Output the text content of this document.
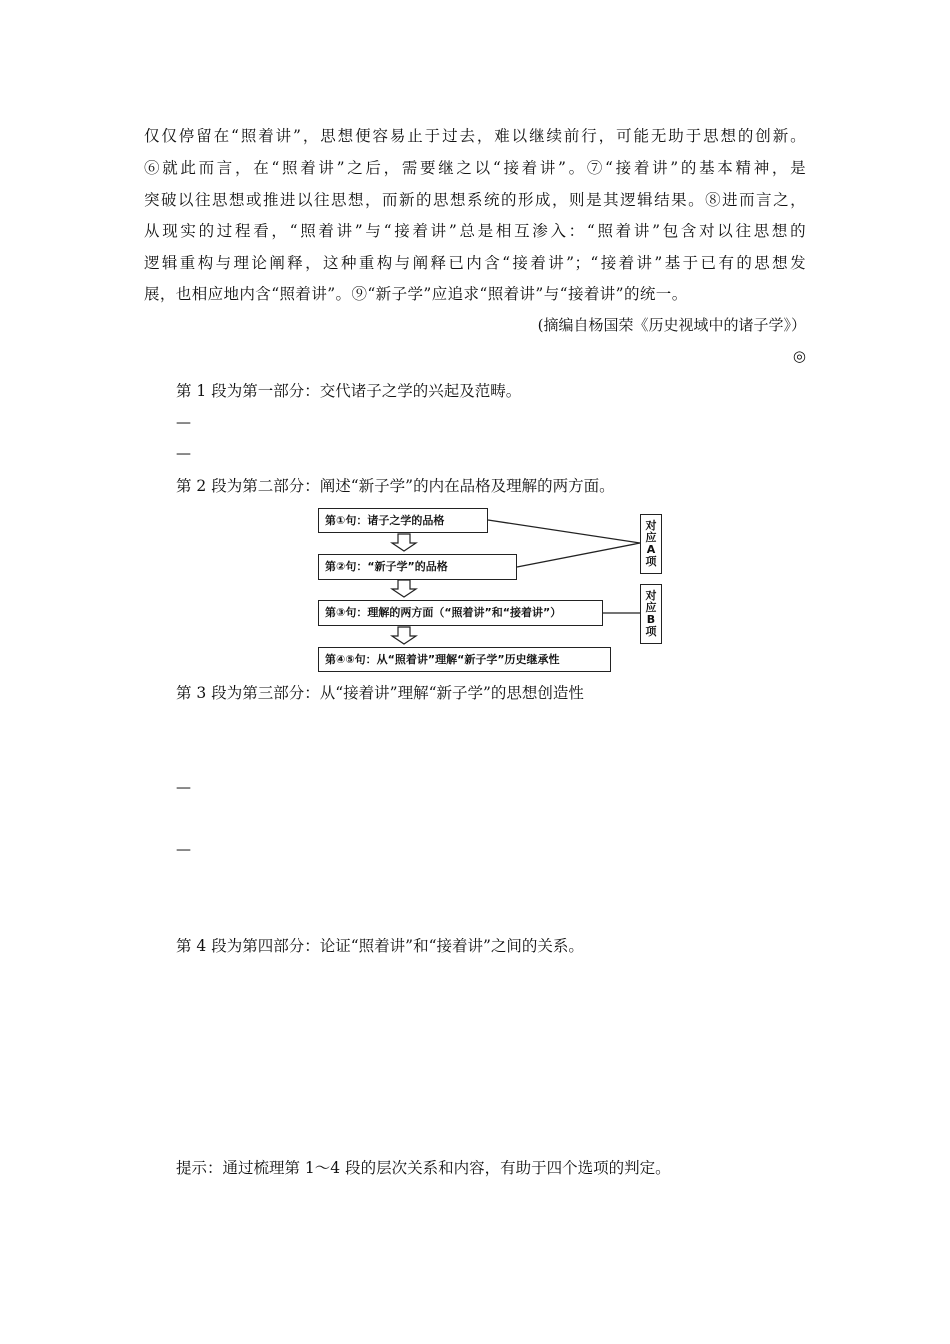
仅仅停留在“照着讲”，思想便容易止于过去，难以继续前行，可能无助于思想的创新。
⑥就此而言，在“照着讲”之后，需要继之以“接着讲”。⑦“接着讲”的基本精神，是
突破以往思想或推进以往思想，而新的思想系统的形成，则是其逻辑结果。⑧进而言之，
从现实的过程看，“照着讲”与“接着讲”总是相互渗入：“照着讲”包含对以往思想的
逻辑重构与理论阐释，这种重构与阐释已内含“接着讲”；“接着讲”基于已有的思想发
展，也相应地内含“照着讲”。⑨“新子学”应追求“照着讲”与“接着讲”的统一。
(摘编自杨国荣《历史视域中的诸子学》）
◎
第 1 段为第一部分：交代诸子之学的兴起及范畴。
—
—
第 2 段为第二部分：阐述“新子学”的内在品格及理解的两方面。
第①句：诸子之学的品格
第②句：“新子学”的品格
第③句：理解的两方面（“照着讲”和“接着讲”）
第④⑤句：从“照着讲”理解“新子学”历史继承性
对
应
A
项
对
应
B
项
第 3 段为第三部分：从“接着讲”理解“新子学”的思想创造性
—
—
第 4 段为第四部分：论证“照着讲”和“接着讲”之间的关系。
提示：通过梳理第 1～4 段的层次关系和内容，有助于四个选项的判定。
